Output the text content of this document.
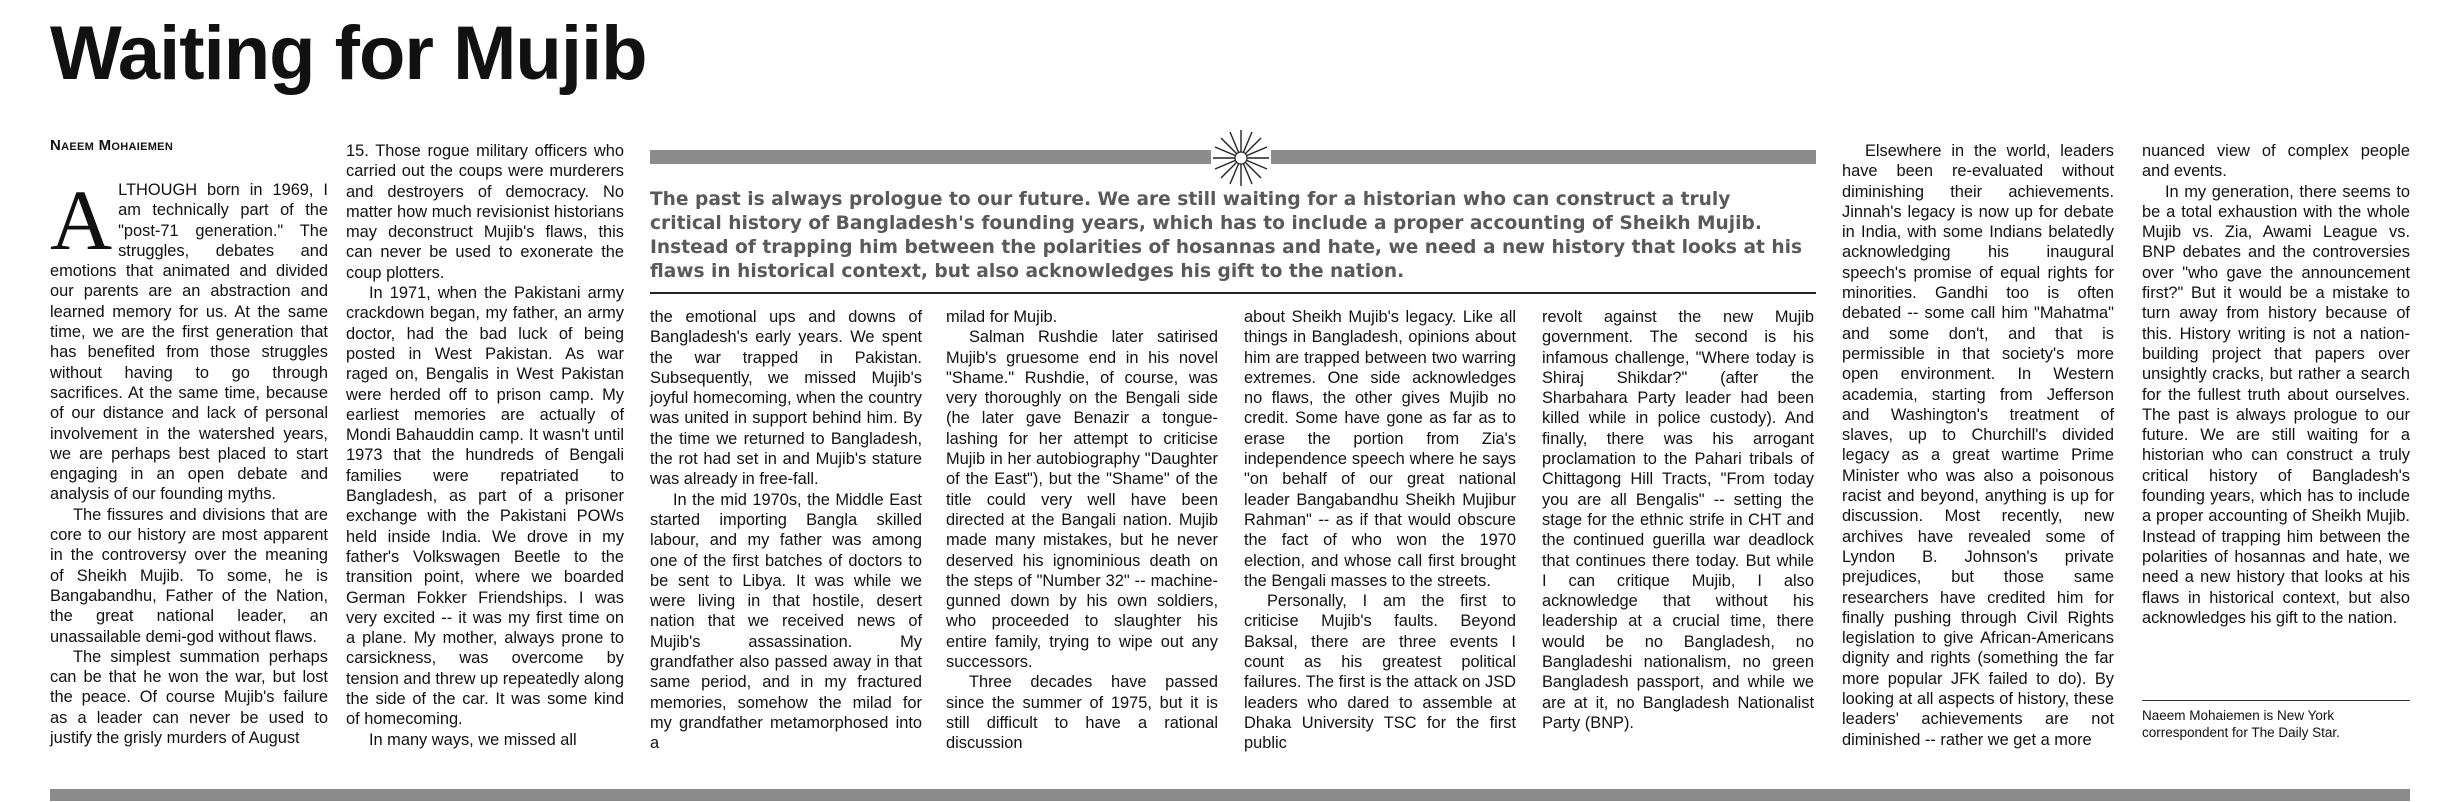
Waiting for Mujib
Naeem Mohaiemen
A LTHOUGH born in 1969, I am technically part of the "post-71 generation." The struggles, debates and emotions that animated and divided our parents are an abstraction and learned memory for us. At the same time, we are the first generation that has benefited from those struggles without having to go through sacrifices. At the same time, because of our distance and lack of personal involvement in the watershed years, we are perhaps best placed to start engaging in an open debate and analysis of our founding myths.

The fissures and divisions that are core to our history are most apparent in the controversy over the meaning of Sheikh Mujib. To some, he is Bangabandhu, Father of the Nation, the great national leader, an unassailable demi-god without flaws.

The simplest summation perhaps can be that he won the war, but lost the peace. Of course Mujib's failure as a leader can never be used to justify the grisly murders of August

15. Those rogue military officers who carried out the coups were murderers and destroyers of democracy. No matter how much revisionist historians may deconstruct Mujib's flaws, this can never be used to exonerate the coup plotters.

In 1971, when the Pakistani army crackdown began, my father, an army doctor, had the bad luck of being posted in West Pakistan. As war raged on, Bengalis in West Pakistan were herded off to prison camp. My earliest memories are actually of Mondi Bahauddin camp. It wasn't until 1973 that the hundreds of Bengali families were repatriated to Bangladesh, as part of a prisoner exchange with the Pakistani POWs held inside India. We drove in my father's Volkswagen Beetle to the transition point, where we boarded German Fokker Friendships. I was very excited -- it was my first time on a plane. My mother, always prone to carsickness, was overcome by tension and threw up repeatedly along the side of the car. It was some kind of homecoming.

In many ways, we missed all

The past is always prologue to our future. We are still waiting for a historian who can construct a truly critical history of Bangladesh's founding years, which has to include a proper accounting of Sheikh Mujib. Instead of trapping him between the polarities of hosannas and hate, we need a new history that looks at his flaws in historical context, but also acknowledges his gift to the nation.

the emotional ups and downs of Bangladesh's early years. We spent the war trapped in Pakistan. Subsequently, we missed Mujib's joyful homecoming, when the country was united in support behind him. By the time we returned to Bangladesh, the rot had set in and Mujib's stature was already in free-fall.

In the mid 1970s, the Middle East started importing Bangla skilled labour, and my father was among one of the first batches of doctors to be sent to Libya. It was while we were living in that hostile, desert nation that we received news of Mujib's assassination. My grandfather also passed away in that same period, and in my fractured memories, somehow the milad for my grandfather metamorphosed into a

milad for Mujib.

Salman Rushdie later satirised Mujib's gruesome end in his novel "Shame." Rushdie, of course, was very thoroughly on the Bengali side (he later gave Benazir a tongue-lashing for her attempt to criticise Mujib in her autobiography "Daughter of the East"), but the "Shame" of the title could very well have been directed at the Bangali nation. Mujib made many mistakes, but he never deserved his ignominious death on the steps of "Number 32" -- machine-gunned down by his own soldiers, who proceeded to slaughter his entire family, trying to wipe out any successors.

Three decades have passed since the summer of 1975, but it is still difficult to have a rational discussion

about Sheikh Mujib's legacy. Like all things in Bangladesh, opinions about him are trapped between two warring extremes. One side acknowledges no flaws, the other gives Mujib no credit. Some have gone as far as to erase the portion from Zia's independence speech where he says "on behalf of our great national leader Bangabandhu Sheikh Mujibur Rahman" -- as if that would obscure the fact of who won the 1970 election, and whose call first brought the Bengali masses to the streets.

Personally, I am the first to criticise Mujib's faults. Beyond Baksal, there are three events I count as his greatest political failures. The first is the attack on JSD leaders who dared to assemble at Dhaka University TSC for the first public

revolt against the new Mujib government. The second is his infamous challenge, "Where today is Shiraj Shikdar?" (after the Sharbahara Party leader had been killed while in police custody). And finally, there was his arrogant proclamation to the Pahari tribals of Chittagong Hill Tracts, "From today you are all Bengalis" -- setting the stage for the ethnic strife in CHT and the continued guerilla war deadlock that continues there today. But while I can critique Mujib, I also acknowledge that without his leadership at a crucial time, there would be no Bangladesh, no Bangladeshi nationalism, no green Bangladesh passport, and while we are at it, no Bangladesh Nationalist Party (BNP).

Elsewhere in the world, leaders have been re-evaluated without diminishing their achievements. Jinnah's legacy is now up for debate in India, with some Indians belatedly acknowledging his inaugural speech's promise of equal rights for minorities. Gandhi too is often debated -- some call him "Mahatma" and some don't, and that is permissible in that society's more open environment. In Western academia, starting from Jefferson and Washington's treatment of slaves, up to Churchill's divided legacy as a great wartime Prime Minister who was also a poisonous racist and beyond, anything is up for discussion. Most recently, new archives have revealed some of Lyndon B. Johnson's private prejudices, but those same researchers have credited him for finally pushing through Civil Rights legislation to give African-Americans dignity and rights (something the far more popular JFK failed to do). By looking at all aspects of history, these leaders' achievements are not diminished -- rather we get a more

nuanced view of complex people and events.

In my generation, there seems to be a total exhaustion with the whole Mujib vs. Zia, Awami League vs. BNP debates and the controversies over "who gave the announcement first?" But it would be a mistake to turn away from history because of this. History writing is not a nation-building project that papers over unsightly cracks, but rather a search for the fullest truth about ourselves. The past is always prologue to our future. We are still waiting for a historian who can construct a truly critical history of Bangladesh's founding years, which has to include a proper accounting of Sheikh Mujib. Instead of trapping him between the polarities of hosannas and hate, we need a new history that looks at his flaws in historical context, but also acknowledges his gift to the nation.

Naeem Mohaiemen is New York correspondent for The Daily Star.
